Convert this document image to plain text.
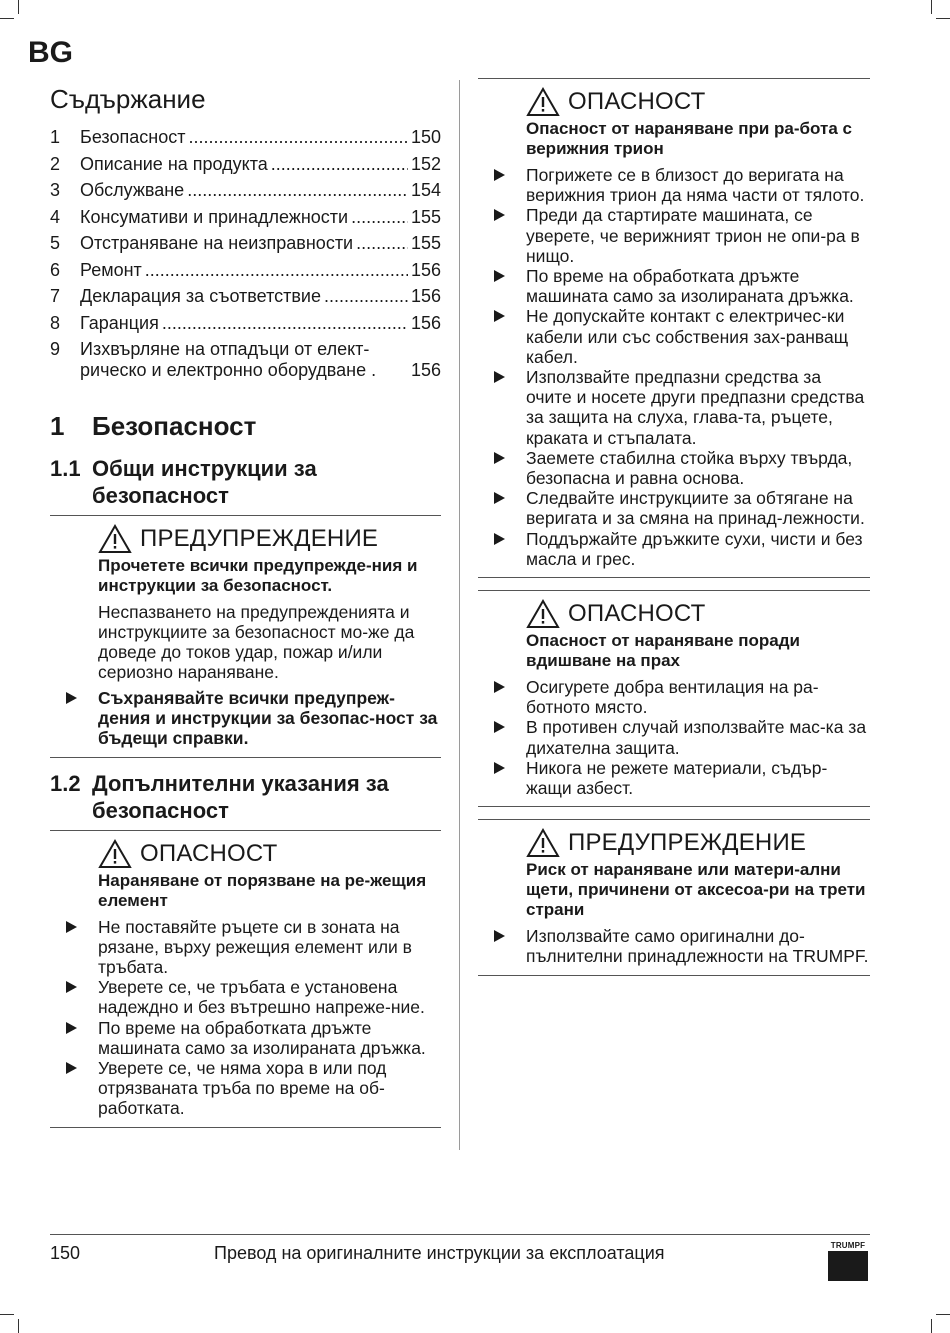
BG
Съдържание
1	Безопасност .....	150
2	Описание на продукта .....	152
3	Обслужване .....	154
4	Консумативи и принадлежности .....	155
5	Отстраняване на неизправности .....	155
6	Ремонт .....	156
7	Декларация за съответствие .....	156
8	Гаранция .....	156
9	Изхвърляне на отпадъци от елект-
рическо и електронно оборудване . 156
1	Безопасност
1.1 Общи инструкции за
безопасност
ПРЕДУПРЕЖДЕНИЕ
Прочетете всички предупрежде-ния и инструкции за безопасност.
Неспазването на предупрежденията и инструкциите за безопасност мо-же да доведе до токов удар, пожар и/или сериозно нараняване.
Съхранявайте всички предупреж-дения и инструкции за безопас-ност за бъдещи справки.
1.2 Допълнителни указания за
безопасност
ОПАСНОСТ
Нараняване от порязване на ре-жещия елемент
Не поставяйте ръцете си в зоната на рязане, върху режещия елемент или в тръбата.
Уверете се, че тръбата е установена надеждно и без вътрешно напреже-ние.
По време на обработката дръжте машината само за изолираната дръжка.
Уверете се, че няма хора в или под отрязваната тръба по време на об-работката.
ОПАСНОСТ
Опасност от нараняване при ра-бота с верижния трион
Погрижете се в близост до веригата на верижния трион да няма части от тялото.
Преди да стартирате машината, се уверете, че верижният трион не опи-ра в нищо.
По време на обработката дръжте машината само за изолираната дръжка.
Не допускайте контакт с електричес-ки кабели или със собствения зах-ранващ кабел.
Използвайте предпазни средства за очите и носете други предпазни средства за защита на слуха, глава-та, ръцете, краката и стъпалата.
Заемете стабилна стойка върху твърда, безопасна и равна основа.
Следвайте инструкциите за обтягане на веригата и за смяна на принад-лежности.
Поддържайте дръжките сухи, чисти и без масла и грес.
ОПАСНОСТ
Опасност от нараняване поради вдишване на прах
Осигурете добра вентилация на ра-ботното място.
В противен случай използвайте мас-ка за дихателна защита.
Никога не режете материали, съдър-жащи азбест.
ПРЕДУПРЕЖДЕНИЕ
Риск от нараняване или матери-ални щети, причинени от аксесоа-ри на трети страни
Използвайте само оригинални до-пълнителни принадлежности на TRUMPF.
150	Превод на оригиналните инструкции за експлоатация	TRUMPF
